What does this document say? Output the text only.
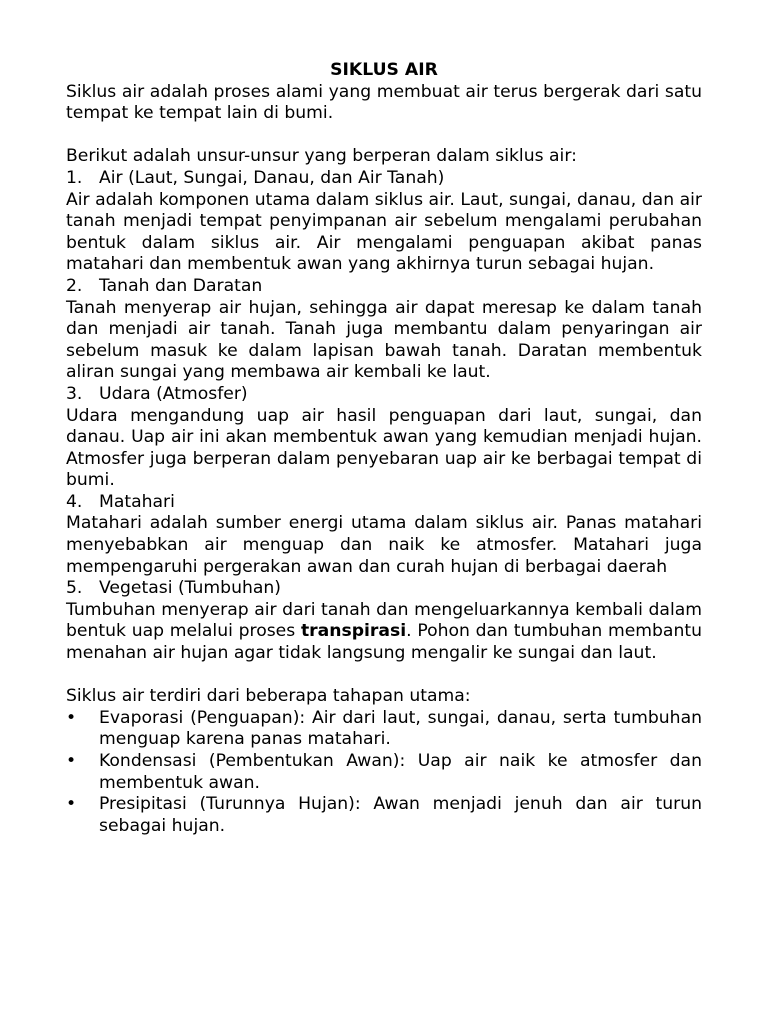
SIKLUS AIR

Siklus air adalah proses alami yang membuat air terus bergerak dari satu tempat ke tempat lain di bumi.

Berikut adalah unsur-unsur yang berperan dalam siklus air:

1. Air (Laut, Sungai, Danau, dan Air Tanah)

Air adalah komponen utama dalam siklus air. Laut, sungai, danau, dan air tanah menjadi tempat penyimpanan air sebelum mengalami perubahan bentuk dalam siklus air. Air mengalami penguapan akibat panas matahari dan membentuk awan yang akhirnya turun sebagai hujan.

2. Tanah dan Daratan

Tanah menyerap air hujan, sehingga air dapat meresap ke dalam tanah dan menjadi air tanah. Tanah juga membantu dalam penyaringan air sebelum masuk ke dalam lapisan bawah tanah. Daratan membentuk aliran sungai yang membawa air kembali ke laut.

3. Udara (Atmosfer)

Udara mengandung uap air hasil penguapan dari laut, sungai, dan danau. Uap air ini akan membentuk awan yang kemudian menjadi hujan. Atmosfer juga berperan dalam penyebaran uap air ke berbagai tempat di bumi.

4. Matahari

Matahari adalah sumber energi utama dalam siklus air. Panas matahari menyebabkan air menguap dan naik ke atmosfer. Matahari juga mempengaruhi pergerakan awan dan curah hujan di berbagai daerah

5. Vegetasi (Tumbuhan)

Tumbuhan menyerap air dari tanah dan mengeluarkannya kembali dalam bentuk uap melalui proses transpirasi. Pohon dan tumbuhan membantu menahan air hujan agar tidak langsung mengalir ke sungai dan laut.

Siklus air terdiri dari beberapa tahapan utama:

•	Evaporasi (Penguapan): Air dari laut, sungai, danau, serta tumbuhan menguap karena panas matahari.
•	Kondensasi (Pembentukan Awan): Uap air naik ke atmosfer dan membentuk awan.
•	Presipitasi (Turunnya Hujan): Awan menjadi jenuh dan air turun sebagai hujan.
